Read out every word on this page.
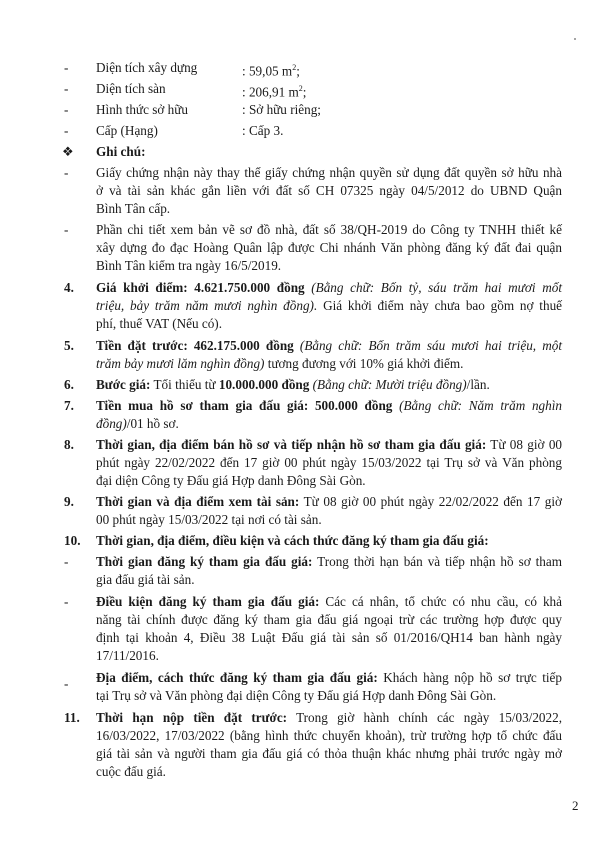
- Diện tích xây dựng	: 59,05 $m^2$;
- Diện tích sàn	: 206,91 $m^2$;
- Hình thức sở hữu	: Sở hữu riêng;
- Cấp (Hạng)	: Cấp 3.
❖ Ghi chú:
- Giấy chứng nhận này thay thế giấy chứng nhận quyền sử dụng đất quyền sở hữu nhà
ở và tài sản khác gắn liền với đất số CH 07325 ngày 04/5/2012 do UBND Quận
Bình Tân cấp.
- Phần chi tiết xem bản vẽ sơ đồ nhà, đất số 38/QH-2019 do Công ty TNHH thiết kế
xây dựng đo đạc Hoàng Quân lập được Chi nhánh Văn phòng đăng ký đất đai quận
Bình Tân kiểm tra ngày 16/5/2019.
4. Giá khởi điểm: 4.621.750.000 đồng (Bằng chữ: Bốn tỷ, sáu trăm hai mươi mốt
triệu, bảy trăm năm mươi nghìn đồng). Giá khởi điểm này chưa bao gồm nợ thuế
phí, thuế VAT (Nếu có).
5. Tiền đặt trước: 462.175.000 đồng (Bằng chữ: Bốn trăm sáu mươi hai triệu, một
trăm bảy mươi lăm nghìn đồng) tương đương với 10% giá khởi điểm.
6. Bước giá: Tối thiểu từ 10.000.000 đồng (Bằng chữ: Mười triệu đồng)/lần.
7. Tiền mua hồ sơ tham gia đấu giá: 500.000 đồng (Bằng chữ: Năm trăm nghìn
đồng)/01 hồ sơ.
8. Thời gian, địa điểm bán hồ sơ và tiếp nhận hồ sơ tham gia đấu giá: Từ 08 giờ 00
phút ngày 22/02/2022 đến 17 giờ 00 phút ngày 15/03/2022 tại Trụ sở và Văn phòng
đại diện Công ty Đấu giá Hợp danh Đông Sài Gòn.
9. Thời gian và địa điểm xem tài sản: Từ 08 giờ 00 phút ngày 22/02/2022 đến 17 giờ
00 phút ngày 15/03/2022 tại nơi có tài sản.
10. Thời gian, địa điểm, điều kiện và cách thức đăng ký tham gia đấu giá:
- Thời gian đăng ký tham gia đấu giá: Trong thời hạn bán và tiếp nhận hồ sơ tham
gia đấu giá tài sản.
- Điều kiện đăng ký tham gia đấu giá: Các cá nhân, tổ chức có nhu cầu, có khả
năng tài chính được đăng ký tham gia đấu giá ngoại trừ các trường hợp được quy
định tại khoản 4, Điều 38 Luật Đấu giá tài sản số 01/2016/QH14 ban hành ngày
17/11/2016.
- Địa điểm, cách thức đăng ký tham gia đấu giá: Khách hàng nộp hồ sơ trực tiếp
tại Trụ sở và Văn phòng đại diện Công ty Đấu giá Hợp danh Đông Sài Gòn.
11. Thời hạn nộp tiền đặt trước: Trong giờ hành chính các ngày 15/03/2022,
16/03/2022, 17/03/2022 (bằng hình thức chuyển khoản), trừ trường hợp tổ chức đấu
giá tài sản và người tham gia đấu giá có thỏa thuận khác nhưng phải trước ngày mở
cuộc đấu giá.
2
